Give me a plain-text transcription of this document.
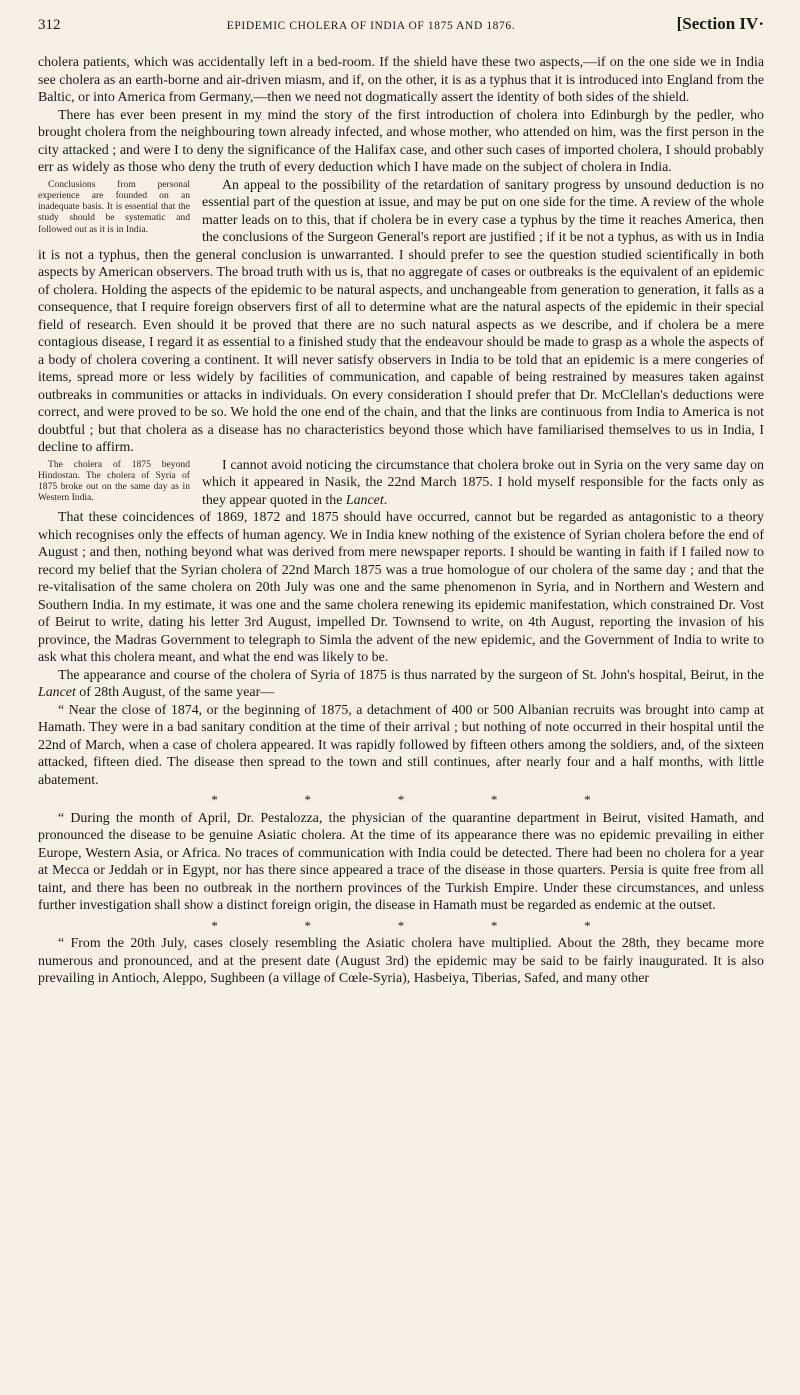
312	EPIDEMIC CHOLERA OF INDIA OF 1875 AND 1876.	[Section IV·

cholera patients, which was accidentally left in a bed-room. If the shield have these two aspects,—if on the one side we in India see cholera as an earth-borne and air-driven miasm, and if, on the other, it is as a typhus that it is introduced into England from the Baltic, or into America from Germany,—then we need not dogmatically assert the identity of both sides of the shield.

There has ever been present in my mind the story of the first introduction of cholera into Edinburgh by the pedler, who brought cholera from the neighbouring town already infected, and whose mother, who attended on him, was the first person in the city attacked ; and were I to deny the significance of the Halifax case, and other such cases of imported cholera, I should probably err as widely as those who deny the truth of every deduction which I have made on the subject of cholera in India.

Conclusions from personal experience are founded on an inadequate basis. It is essential that the study should be systematic and followed out as it is in India.

An appeal to the possibility of the retardation of sanitary progress by unsound deduction is no essential part of the question at issue, and may be put on one side for the time. A review of the whole matter leads on to this, that if cholera be in every case a typhus by the time it reaches America, then the conclusions of the Surgeon General's report are justified ; if it be not a typhus, as with us in India it is not a typhus, then the general conclusion is unwarranted. I should prefer to see the question studied scientifically in both aspects by American observers. The broad truth with us is, that no aggregate of cases or outbreaks is the equivalent of an epidemic of cholera. Holding the aspects of the epidemic to be natural aspects, and unchangeable from generation to generation, it falls as a consequence, that I require foreign observers first of all to determine what are the natural aspects of the epidemic in their special field of research. Even should it be proved that there are no such natural aspects as we describe, and if cholera be a mere contagious disease, I regard it as essential to a finished study that the endeavour should be made to grasp as a whole the aspects of a body of cholera covering a continent. It will never satisfy observers in India to be told that an epidemic is a mere congeries of items, spread more or less widely by facilities of communication, and capable of being restrained by measures taken against outbreaks in communities or attacks in individuals. On every consideration I should prefer that Dr. McClellan's deductions were correct, and were proved to be so. We hold the one end of the chain, and that the links are continuous from India to America is not doubtful ; but that cholera as a disease has no characteristics beyond those which have familiarised themselves to us in India, I decline to affirm.

The cholera of 1875 beyond Hindostan. The cholera of Syria of 1875 broke out on the same day as in Western India.

I cannot avoid noticing the circumstance that cholera broke out in Syria on the very same day on which it appeared in Nasik, the 22nd March 1875. I hold myself responsible for the facts only as they appear quoted in the Lancet.

That these coincidences of 1869, 1872 and 1875 should have occurred, cannot but be regarded as antagonistic to a theory which recognises only the effects of human agency. We in India knew nothing of the existence of Syrian cholera before the end of August ; and then, nothing beyond what was derived from mere newspaper reports. I should be wanting in faith if I failed now to record my belief that the Syrian cholera of 22nd March 1875 was a true homologue of our cholera of the same day ; and that the re-vitalisation of the same cholera on 20th July was one and the same phenomenon in Syria, and in Northern and Western and Southern India. In my estimate, it was one and the same cholera renewing its epidemic manifestation, which constrained Dr. Vost of Beirut to write, dating his letter 3rd August, impelled Dr. Townsend to write, on 4th August, reporting the invasion of his province, the Madras Government to telegraph to Simla the advent of the new epidemic, and the Government of India to write to ask what this cholera meant, and what the end was likely to be.

The appearance and course of the cholera of Syria of 1875 is thus narrated by the surgeon of St. John's hospital, Beirut, in the Lancet of 28th August, of the same year—

“ Near the close of 1874, or the beginning of 1875, a detachment of 400 or 500 Albanian recruits was brought into camp at Hamath. They were in a bad sanitary condition at the time of their arrival ; but nothing of note occurred in their hospital until the 22nd of March, when a case of cholera appeared. It was rapidly followed by fifteen others among the soldiers, and, of the sixteen attacked, fifteen died. The disease then spread to the town and still continues, after nearly four and a half months, with little abatement.

*	*	*	*	*

“ During the month of April, Dr. Pestalozza, the physician of the quarantine department in Beirut, visited Hamath, and pronounced the disease to be genuine Asiatic cholera. At the time of its appearance there was no epidemic prevailing in either Europe, Western Asia, or Africa. No traces of communication with India could be detected. There had been no cholera for a year at Mecca or Jeddah or in Egypt, nor has there since appeared a trace of the disease in those quarters. Persia is quite free from all taint, and there has been no outbreak in the northern provinces of the Turkish Empire. Under these circumstances, and unless further investigation shall show a distinct foreign origin, the disease in Hamath must be regarded as endemic at the outset.

*	*	*	*	*

“ From the 20th July, cases closely resembling the Asiatic cholera have multiplied. About the 28th, they became more numerous and pronounced, and at the present date (August 3rd) the epidemic may be said to be fairly inaugurated. It is also prevailing in Antioch, Aleppo, Sughbeen (a village of Cœle-Syria), Hasbeiya, Tiberias, Safed, and many other
